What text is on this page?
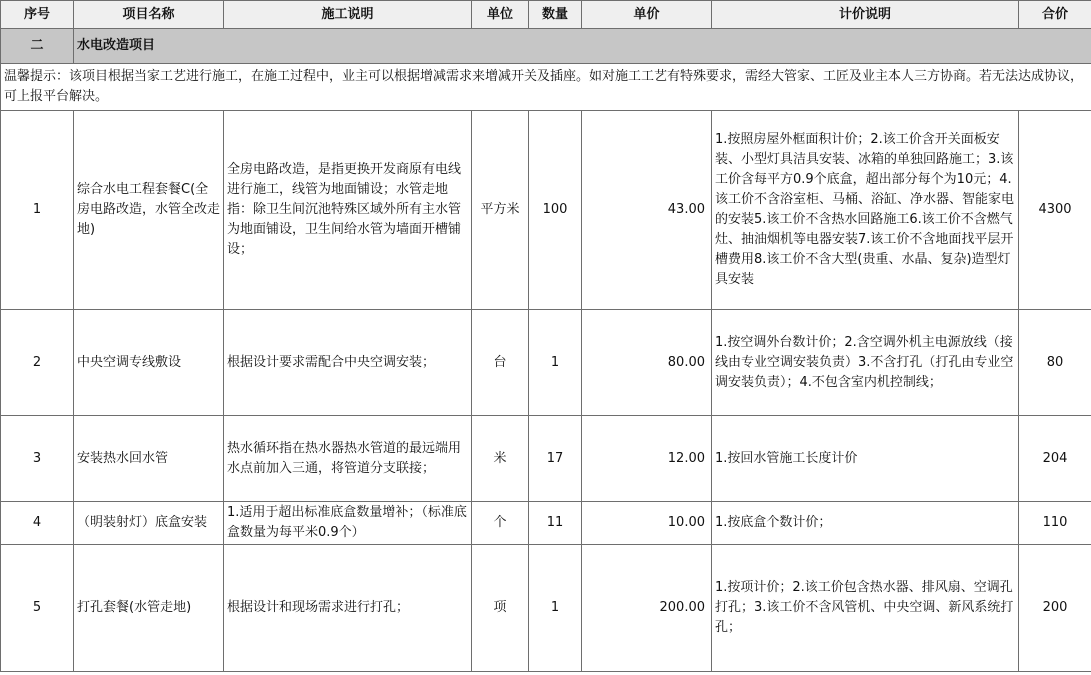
序号	项目名称	施工说明	单位	数量	单价	计价说明	合价
二	水电改造项目						
温馨提示：该项目根据当家工艺进行施工，在施工过程中，业主可以根据增减需求来增减开关及插座。如对施工工艺有特殊要求，需经大管家、工匠及业主本人三方协商。若无法达成协议，可上报平台解决。							
1	综合水电工程套餐C(全房电路改造，水管全改走地)	全房电路改造，是指更换开发商原有电线进行施工，线管为地面铺设；水管走地指：除卫生间沉池特殊区域外所有主水管为地面铺设，卫生间给水管为墙面开槽铺设；	平方米	100	43.00	1.按照房屋外框面积计价；2.该工价含开关面板安装、小型灯具洁具安装、冰箱的单独回路施工；3.该工价含每平方0.9个底盒，超出部分每个为10元；4.该工价不含浴室柜、马桶、浴缸、净水器、智能家电的安装5.该工价不含热水回路施工6.该工价不含燃气灶、抽油烟机等电器安装7.该工价不含地面找平层开槽费用8.该工价不含大型(贵重、水晶、复杂)造型灯具安装	4300
2	中央空调专线敷设	根据设计要求需配合中央空调安装；	台	1	80.00	1.按空调外台数计价；2.含空调外机主电源放线（接线由专业空调安装负责）3.不含打孔（打孔由专业空调安装负责）；4.不包含室内机控制线；	80
3	安装热水回水管	热水循环指在热水器热水管道的最远端用水点前加入三通，将管道分支联接；	米	17	12.00	1.按回水管施工长度计价	204
4	（明装射灯）底盒安装	1.适用于超出标准底盒数量增补；（标准底盒数量为每平米0.9个）	个	11	10.00	1.按底盒个数计价；	110
5	打孔套餐(水管走地)	根据设计和现场需求进行打孔；	项	1	200.00	1.按项计价；2.该工价包含热水器、排风扇、空调孔打孔；3.该工价不含风管机、中央空调、新风系统打孔；	200
